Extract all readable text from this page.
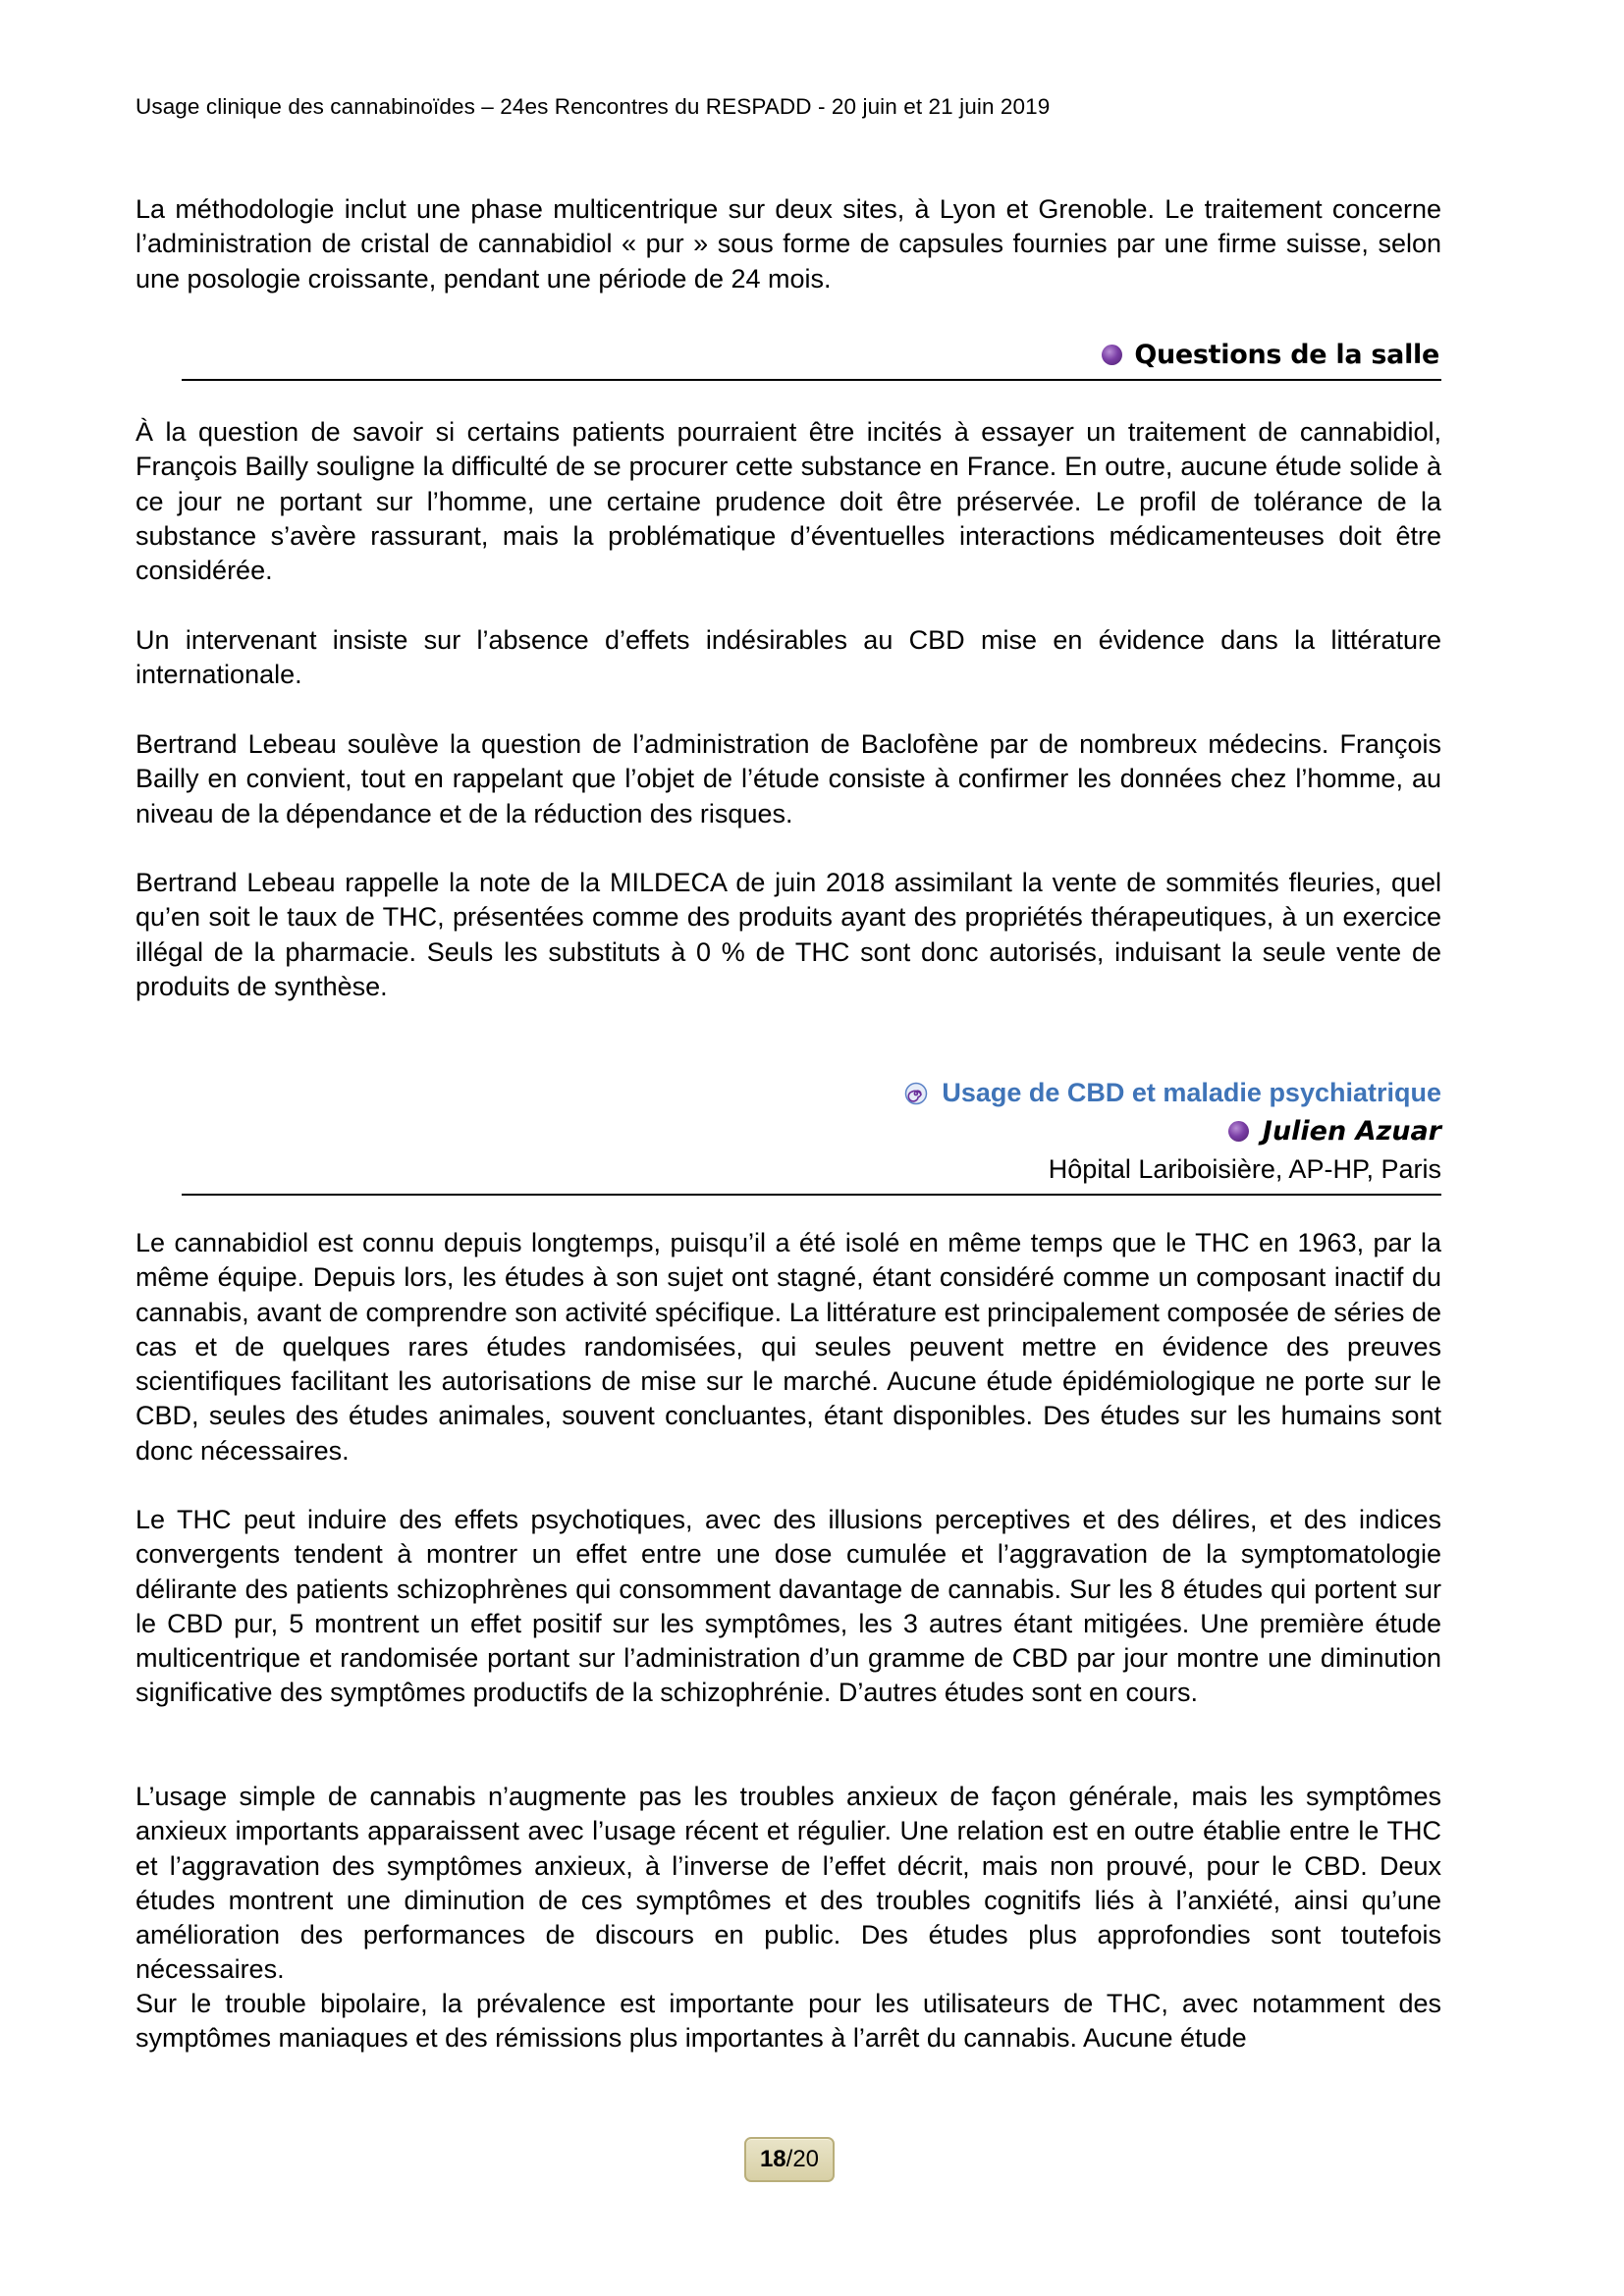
Usage clinique des cannabinoïdes – 24es Rencontres du RESPADD - 20 juin et 21 juin 2019

La méthodologie inclut une phase multicentrique sur deux sites, à Lyon et Grenoble. Le traitement concerne l’administration de cristal de cannabidiol « pur » sous forme de capsules fournies par une firme suisse, selon une posologie croissante, pendant une période de 24 mois.

Questions de la salle

À la question de savoir si certains patients pourraient être incités à essayer un traitement de cannabidiol, François Bailly souligne la difficulté de se procurer cette substance en France. En outre, aucune étude solide à ce jour ne portant sur l’homme, une certaine prudence doit être préservée. Le profil de tolérance de la substance s’avère rassurant, mais la problématique d’éventuelles interactions médicamenteuses doit être considérée.

Un intervenant insiste sur l’absence d’effets indésirables au CBD mise en évidence dans la littérature internationale.

Bertrand Lebeau soulève la question de l’administration de Baclofène par de nombreux médecins. François Bailly en convient, tout en rappelant que l’objet de l’étude consiste à confirmer les données chez l’homme, au niveau de la dépendance et de la réduction des risques.

Bertrand Lebeau rappelle la note de la MILDECA de juin 2018 assimilant la vente de sommités fleuries, quel qu’en soit le taux de THC, présentées comme des produits ayant des propriétés thérapeutiques, à un exercice illégal de la pharmacie. Seuls les substituts à 0 % de THC sont donc autorisés, induisant la seule vente de produits de synthèse.

Usage de CBD et maladie psychiatrique
Julien Azuar
Hôpital Lariboisière, AP-HP, Paris

Le cannabidiol est connu depuis longtemps, puisqu’il a été isolé en même temps que le THC en 1963, par la même équipe. Depuis lors, les études à son sujet ont stagné, étant considéré comme un composant inactif du cannabis, avant de comprendre son activité spécifique. La littérature est principalement composée de séries de cas et de quelques rares études randomisées, qui seules peuvent mettre en évidence des preuves scientifiques facilitant les autorisations de mise sur le marché. Aucune étude épidémiologique ne porte sur le CBD, seules des études animales, souvent concluantes, étant disponibles. Des études sur les humains sont donc nécessaires.

Le THC peut induire des effets psychotiques, avec des illusions perceptives et des délires, et des indices convergents tendent à montrer un effet entre une dose cumulée et l’aggravation de la symptomatologie délirante des patients schizophrènes qui consomment davantage de cannabis. Sur les 8 études qui portent sur le CBD pur, 5 montrent un effet positif sur les symptômes, les 3 autres étant mitigées. Une première étude multicentrique et randomisée portant sur l’administration d’un gramme de CBD par jour montre une diminution significative des symptômes productifs de la schizophrénie. D’autres études sont en cours.

L’usage simple de cannabis n’augmente pas les troubles anxieux de façon générale, mais les symptômes anxieux importants apparaissent avec l’usage récent et régulier. Une relation est en outre établie entre le THC et l’aggravation des symptômes anxieux, à l’inverse de l’effet décrit, mais non prouvé, pour le CBD. Deux études montrent une diminution de ces symptômes et des troubles cognitifs liés à l’anxiété, ainsi qu’une amélioration des performances de discours en public. Des études plus approfondies sont toutefois nécessaires.

Sur le trouble bipolaire, la prévalence est importante pour les utilisateurs de THC, avec notamment des symptômes maniaques et des rémissions plus importantes à l’arrêt du cannabis. Aucune étude

18 /20
